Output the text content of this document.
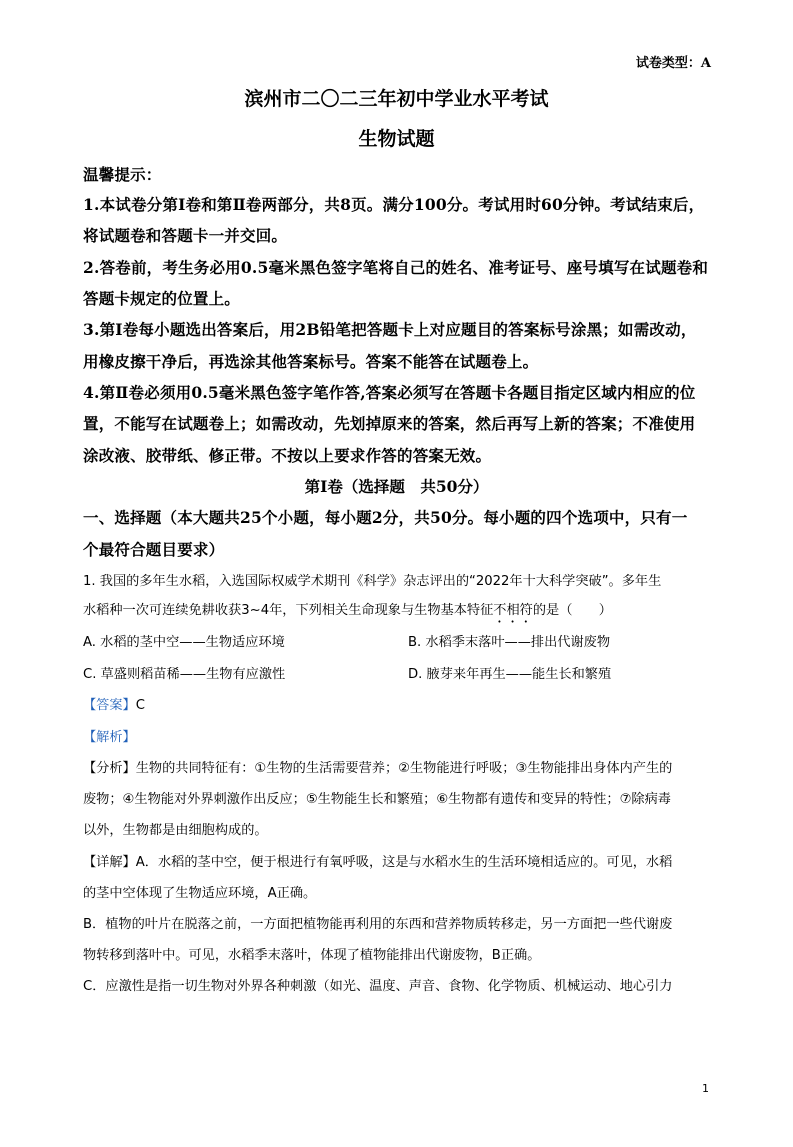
试卷类型：A
滨州市二〇二三年初中学业水平考试
生物试题
温馨提示：
1.本试卷分第Ⅰ卷和第Ⅱ卷两部分，共8页。满分100分。考试用时60分钟。考试结束后，
将试题卷和答题卡一并交回。
2.答卷前，考生务必用0.5毫米黑色签字笔将自己的姓名、准考证号、座号填写在试题卷和
答题卡规定的位置上。
3.第Ⅰ卷每小题选出答案后，用2B铅笔把答题卡上对应题目的答案标号涂黑；如需改动，
用橡皮擦干净后，再选涂其他答案标号。答案不能答在试题卷上。
4.第Ⅱ卷必须用0.5毫米黑色签字笔作答,答案必须写在答题卡各题目指定区域内相应的位
置，不能写在试题卷上；如需改动，先划掉原来的答案，然后再写上新的答案；不准使用
涂改液、胶带纸、修正带。不按以上要求作答的答案无效。
第Ⅰ卷（选择题　共50分）
一、选择题（本大题共25个小题，每小题2分，共50分。每小题的四个选项中，只有一
个最符合题目要求）
1. 我国的多年生水稻，入选国际权威学术期刊《科学》杂志评出的“2022年十大科学突破”。多年生
水稻种一次可连续免耕收获3~4年，下列相关生命现象与生物基本特征不相符的是（　　）
A. 水稻的茎中空——生物适应环境	B. 水稻季末落叶——排出代谢废物
C. 草盛则稻苗稀——生物有应激性	D. 腋芽来年再生——能生长和繁殖
【答案】C
【解析】
【分析】生物的共同特征有：①生物的生活需要营养；②生物能进行呼吸；③生物能排出身体内产生的
废物；④生物能对外界刺激作出反应；⑤生物能生长和繁殖；⑥生物都有遗传和变异的特性；⑦除病毒
以外，生物都是由细胞构成的。
【详解】A．水稻的茎中空，便于根进行有氧呼吸，这是与水稻水生的生活环境相适应的。可见，水稻
的茎中空体现了生物适应环境，A正确。
B．植物的叶片在脱落之前，一方面把植物能再利用的东西和营养物质转移走，另一方面把一些代谢废
物转移到落叶中。可见，水稻季末落叶，体现了植物能排出代谢废物，B正确。
C．应激性是指一切生物对外界各种刺激（如光、温度、声音、食物、化学物质、机械运动、地心引力
1
